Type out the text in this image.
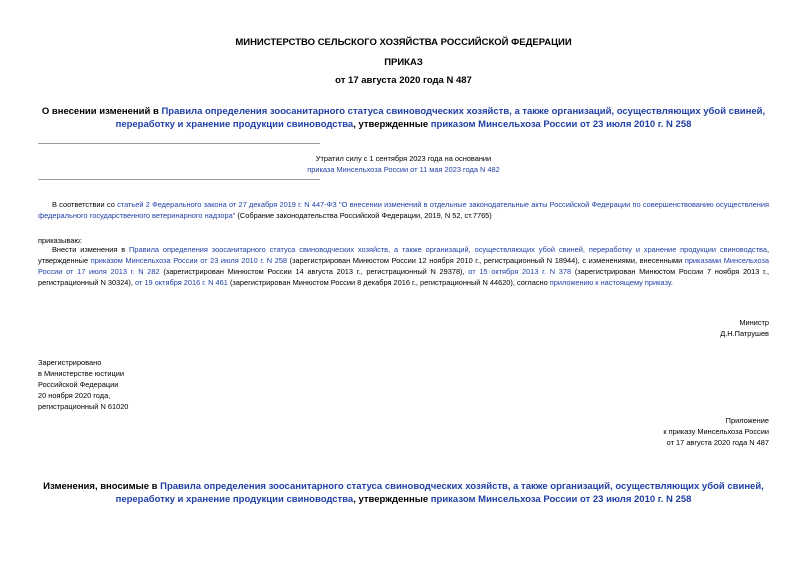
МИНИСТЕРСТВО СЕЛЬСКОГО ХОЗЯЙСТВА РОССИЙСКОЙ ФЕДЕРАЦИИ
ПРИКАЗ
от 17 августа 2020 года N 487
О внесении изменений в Правила определения зоосанитарного статуса свиноводческих хозяйств, а также организаций, осуществляющих убой свиней, переработку и хранение продукции свиноводства, утвержденные приказом Минсельхоза России от 23 июля 2010 г. N 258
Утратил силу с 1 сентября 2023 года на основании
приказа Минсельхоза России от 11 мая 2023 года N 482
В соответствии со статьей 2 Федерального закона от 27 декабря 2019 г. N 447-ФЗ "О внесении изменений в отдельные законодательные акты Российской Федерации по совершенствованию осуществления федерального государственного ветеринарного надзора" (Собрание законодательства Российской Федерации, 2019, N 52, ст.7765)
приказываю:
Внести изменения в Правила определения зоосанитарного статуса свиноводческих хозяйств, а также организаций, осуществляющих убой свиней, переработку и хранение продукции свиноводства, утвержденные приказом Минсельхоза России от 23 июля 2010 г. N 258 (зарегистрирован Минюстом России 12 ноября 2010 г., регистрационный N 18944), с изменениями, внесенными приказами Минсельхоза России от 17 июля 2013 г. N 282 (зарегистрирован Минюстом России 14 августа 2013 г., регистрационный N 29378), от 15 октября 2013 г. N 378 (зарегистрирован Минюстом России 7 ноября 2013 г., регистрационный N 30324), от 19 октября 2016 г. N 461 (зарегистрирован Минюстом России 8 декабря 2016 г., регистрационный N 44620), согласно приложению к настоящему приказу.
Министр
Д.Н.Патрушев
Зарегистрировано
в Министерстве юстиции
Российской Федерации
20 ноября 2020 года,
регистрационный N 61020
Приложение
к приказу Минсельхоза России
от 17 августа 2020 года N 487
Изменения, вносимые в Правила определения зоосанитарного статуса свиноводческих хозяйств, а также организаций, осуществляющих убой свиней, переработку и хранение продукции свиноводства, утвержденные приказом Минсельхоза России от 23 июля 2010 г. N 258
